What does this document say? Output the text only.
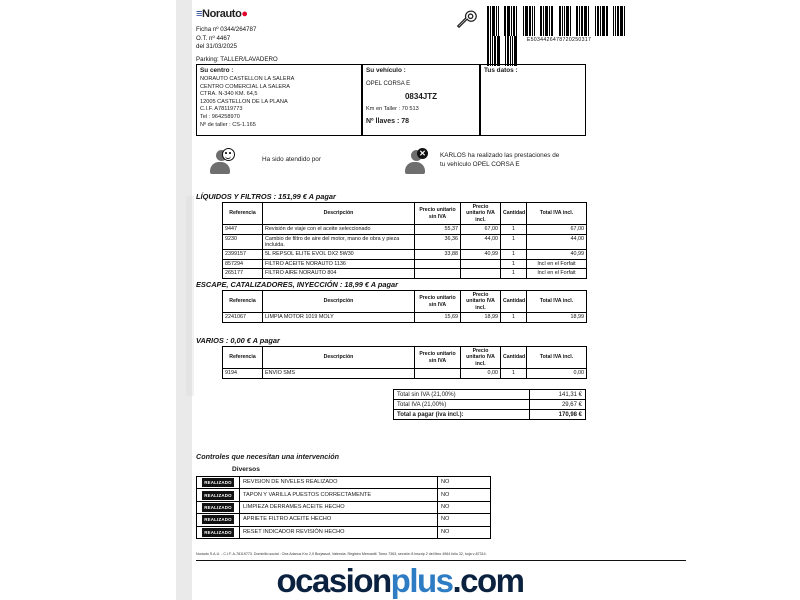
≡Norauto●

E5034426478720250317
Ficha nº 0344/264787
O.T. nº 4467
del 31/03/2025
Parking: TALLER/LAVADERO
Su centro :
NORAUTO CASTELLON LA SALERA
CENTRO COMERCIAL LA SALERA
CTRA. N-340 KM. 64,5
12005 CASTELLON DE LA PLANA
C.I.F. A78119773
Tel : 964258970
Nº de taller : CS-1.165
Su vehículo :
OPEL CORSA E
0834JTZ
Km en Taller : 70 513
Nº llaves : 78
Tus datos :
Ha sido atendido por
✕	KARLOS ha realizado las prestaciones de
tu vehículo OPEL CORSA E
LÍQUIDOS Y FILTROS : 151,99 € A pagar
Referencia	Descripción	Precio unitario sin IVA	Precio unitario IVA incl.	Cantidad	Total IVA incl.
9447	Revisión de viaje con el aceite seleccionado	55,37	67,00	1	67,00
9230	Cambio de filtro de aire del motor, mano de obra y pieza incluida.	36,36	44,00	1	44,00
2399157	5L REPSOL ELITE EVOL DX2 5W30	33,88	40,99	1	40,99
857294	FILTRO ACEITE NORAUTO 1136			1	Incl en el Forfait
265177	FILTRO AIRE NORAUTO 804			1	Incl en el Forfait
ESCAPE, CATALIZADORES, INYECCIÓN : 18,99 € A pagar
Referencia	Descripción	Precio unitario sin IVA	Precio unitario IVA incl.	Cantidad	Total IVA incl.
2241067	LIMPIA MOTOR 1019 MOLY	15,69	18,99	1	18,99
VARIOS : 0,00 € A pagar
Referencia	Descripción	Precio unitario sin IVA	Precio unitario IVA incl.	Cantidad	Total IVA incl.
9194	ENVIO SMS		0,00	1	0,00
Total sin IVA (21,00%)	141,31 €
Total IVA (21,00%)	29,67 €
Total a pagar (iva incl.):	170,98 €
Controles que necesitan una intervención
Diversos
REALIZADO	REVISION DE NIVELES REALIZADO	NO
REALIZADO	TAPON Y VARILLA PUESTOS CORRECTAMENTE	NO
REALIZADO	LIMPIEZA DERRAMES ACEITE HECHO	NO
REALIZADO	APRIETE FILTRO ACEITE HECHO	NO
REALIZADO	RESET INDICADOR REVISIÓN HECHO	NO
Norauto S.A.U. - C.I.F. A-78119773. Domicilio social : Ctra Adanuz Kro 2,9 Burjassot, Valencia. Registro Mercantil. Tomo 7363, sección 8 inscrip 2 del libro 4964 folio 32, hoja v-87314.
ocasionplus.com
